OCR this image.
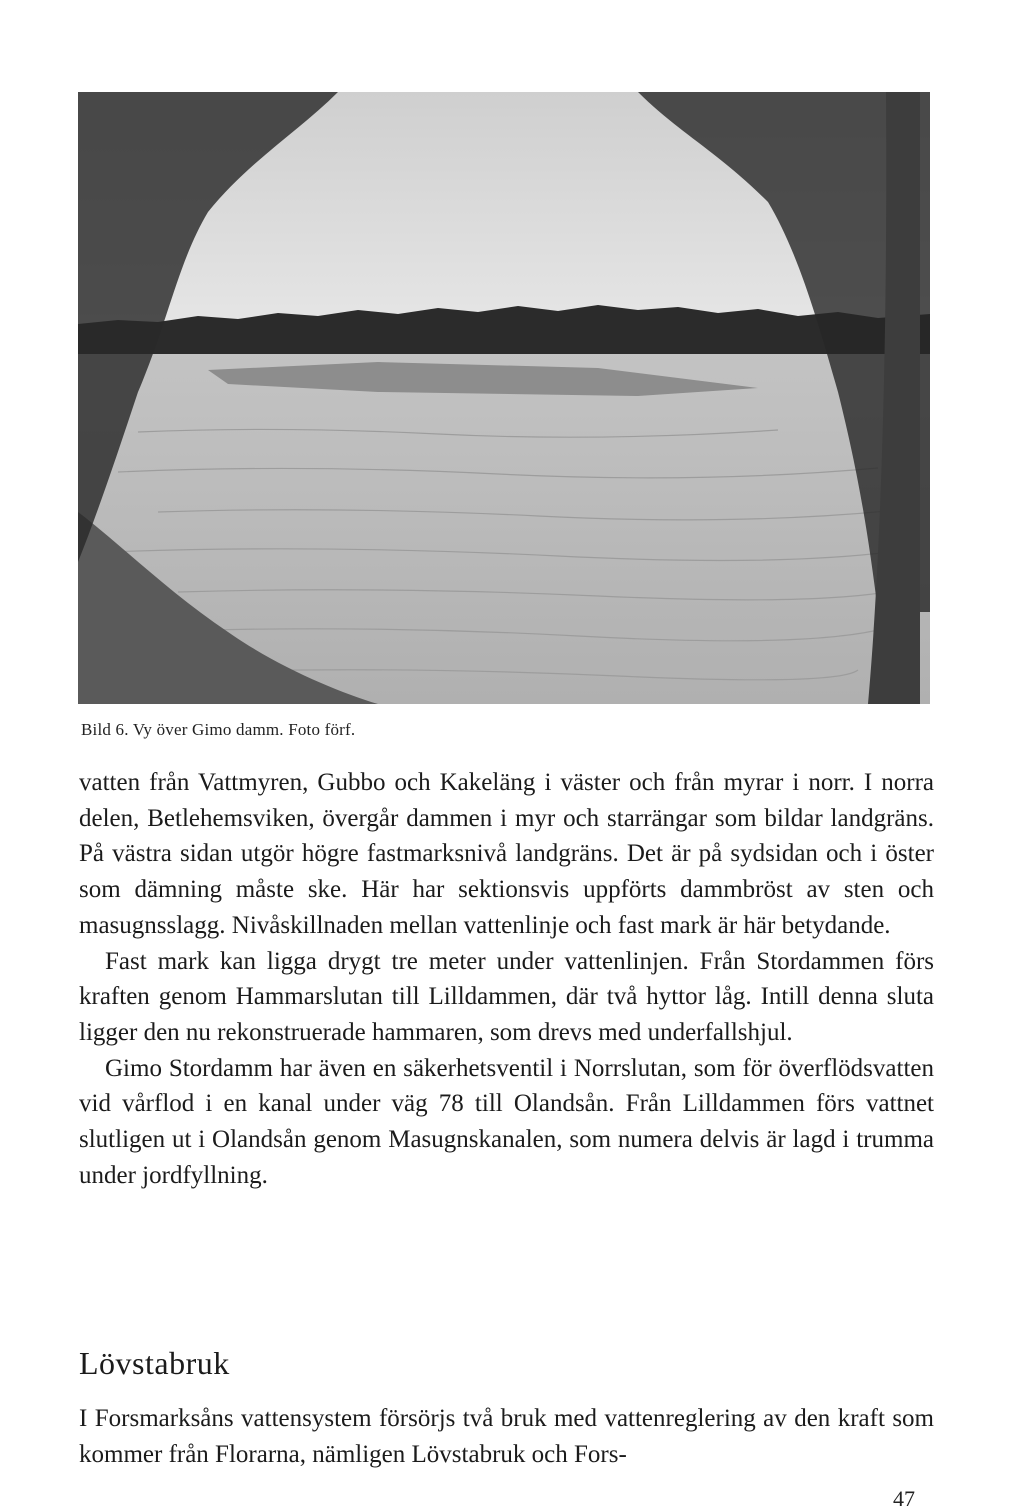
Bild 6. Vy över Gimo damm. Foto förf.

vatten från Vattmyren, Gubbo och Kakeläng i väster och från myrar i norr. I norra delen, Betlehemsviken, övergår dammen i myr och starrängar som bildar landgräns. På västra sidan utgör högre fastmarksnivå landgräns. Det är på sydsidan och i öster som dämning måste ske. Här har sektionsvis uppförts dammbröst av sten och masugnsslagg. Nivåskillnaden mellan vattenlinje och fast mark är här betydande.

Fast mark kan ligga drygt tre meter under vattenlinjen. Från Stordammen förs kraften genom Hammarslutan till Lilldammen, där två hyttor låg. Intill denna sluta ligger den nu rekonstruerade hammaren, som drevs med underfallshjul.

Gimo Stordamm har även en säkerhetsventil i Norrslutan, som för överflödsvatten vid vårflod i en kanal under väg 78 till Olandsån. Från Lilldammen förs vattnet slutligen ut i Olandsån genom Masugnskanalen, som numera delvis är lagd i trumma under jordfyllning.

Lövstabruk

I Forsmarksåns vattensystem försörjs två bruk med vattenreglering av den kraft som kommer från Florarna, nämligen Lövstabruk och Fors-

47
